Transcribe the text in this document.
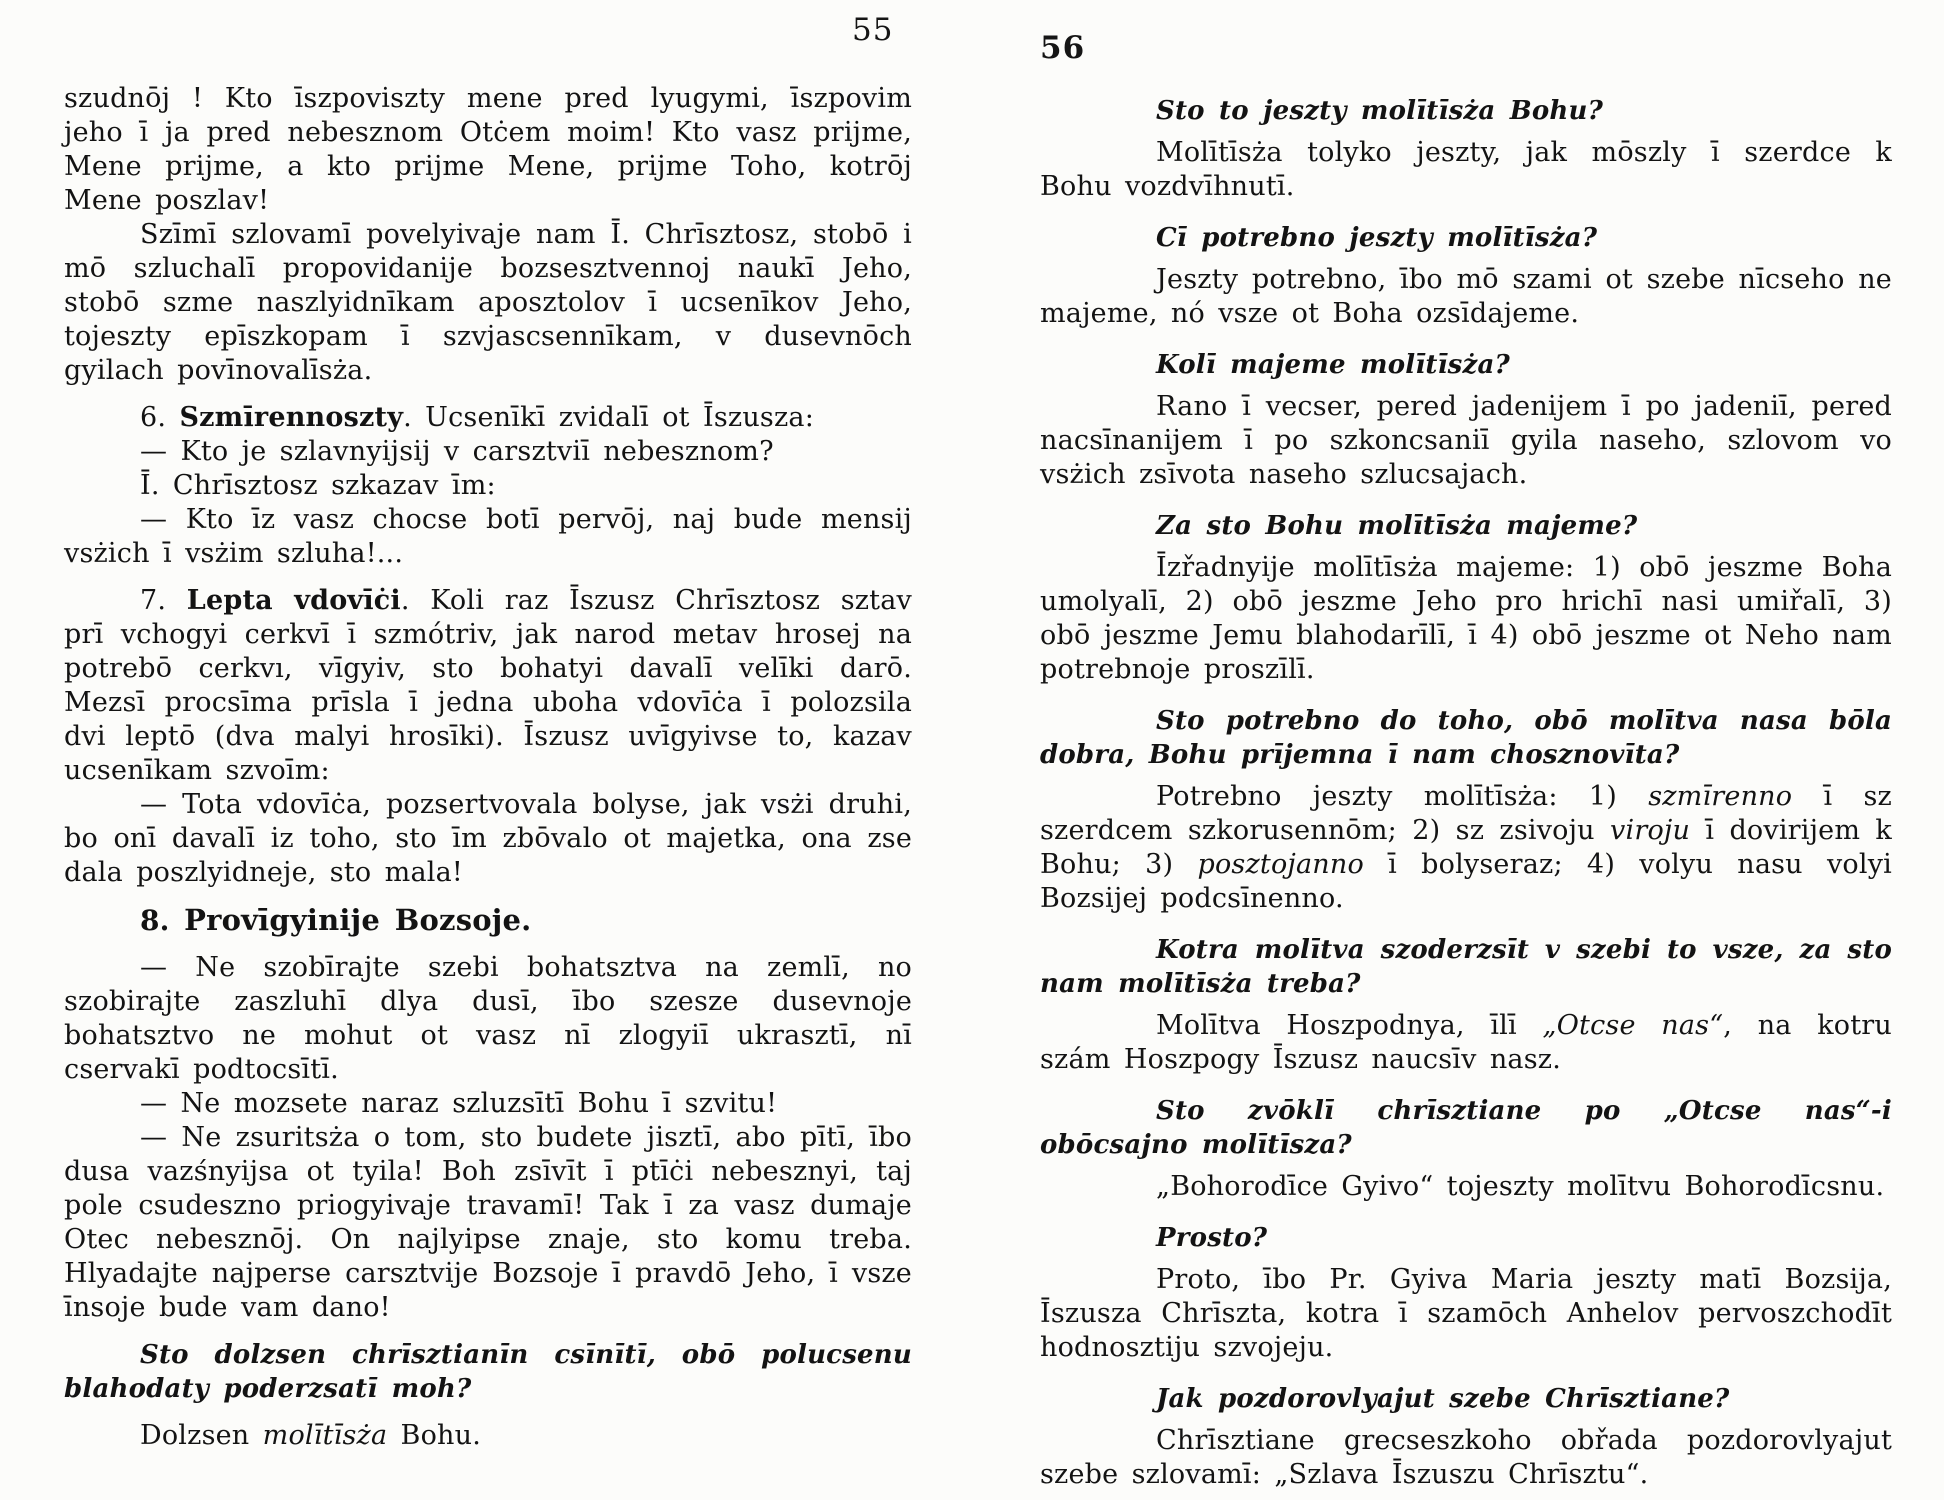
55	56

szudnōj ! Kto īszpoviszty mene pred lyugymi, īszpovim jeho ī ja pred nebesznom Otċem moim! Kto vasz prijme, Mene prijme, a kto prijme Mene, prijme Toho, kotrōj Mene poszlav!

Szīmī szlovamī povelyivaje nam Ī. Chrīsztosz, stobō i mō szluchalī propovidanije bozsesztvennoj naukī Jeho, stobō szme naszlyidnīkam aposztolov ī ucsenīkov Jeho, tojeszty epīszkopam ī szvjascsennīkam, v dusevnōch gyilach povīnovalīsża.

6. Szmīrennoszty. Ucsenīkī zvidalī ot Īszusza:

— Kto je szlavnyijsij v carsztviī nebesznom?

Ī. Chrīsztosz szkazav īm:

— Kto īz vasz chocse botī pervōj, naj bude mensij vsżich ī vsżim szluha!...

7. Lepta vdovīċi. Koli raz Īszusz Chrīsztosz sztav prī vchogyi cerkvī ī szmótriv, jak narod metav hrosej na potrebō cerkvı, vīgyiv, sto bohatyi davalī velīki darō. Mezsī procsīma prīsla ī jedna uboha vdovīċa ī polozsila dvi leptō (dva malyi hrosīki). Īszusz uvīgyivse to, kazav ucsenīkam szvoīm:

— Tota vdovīċa, pozsertvovala bolyse, jak vsżi druhi, bo onī davalī iz toho, sto īm zbōvalo ot majetka, ona zse dala poszlyidneje, sto mala!

8. Provīgyinije Bozsoje.

— Ne szobīrajte szebi bohatsztva na zemlī, no szobirajte zaszluhī dlya dusī, ībo szesze dusevnoje bohatsztvo ne mohut ot vasz nī zlogyiī ukrasztī, nī cservakī podtocsītī.

— Ne mozsete naraz szluzsītī Bohu ī szvitu!

— Ne zsuritsża o tom, sto budete jisztī, abo pītī, ībo dusa vazśnyijsa ot tyila! Boh zsīvīt ī ptīċi nebesznyi, taj pole csudeszno priogyivaje travamī! Tak ī za vasz dumaje Otec nebesznōj. On najlyipse znaje, sto komu treba. Hlyadajte najperse carsztvije Bozsoje ī pravdō Jeho, ī vsze īnsoje bude vam dano!

Sto dolzsen chrīsztianīn csīnītī, obō polucsenu blahodaty poderzsatī moh?

Dolzsen molītīsża Bohu.

Sto to jeszty molītīsża Bohu?

Molītīsża tolyko jeszty, jak mōszly ī szerdce k Bohu vozdvīhnutī.

Cī potrebno jeszty molītīsża?

Jeszty potrebno, ībo mō szami ot szebe nīcseho ne majeme, nó vsze ot Boha ozsīdajeme.

Kolī majeme molītīsża?

Rano ī vecser, pered jadenijem ī po jadeniī, pered nacsīnanijem ī po szkoncsaniī gyila naseho, szlovom vo vsżich zsīvota naseho szlucsajach.

Za sto Bohu molītīsża majeme?

Īzřadnyije molītīsża majeme: 1) obō jeszme Boha umolyalī, 2) obō jeszme Jeho pro hrichī nasi umiřalī, 3) obō jeszme Jemu blahodarīlī, ī 4) obō jeszme ot Neho nam potrebnoje proszīlī.

Sto potrebno do toho, obō molītva nasa bōla dobra, Bohu prījemna ī nam chosznovīta?

Potrebno jeszty molītīsża: 1) szmīrenno ī sz szerdcem szkorusennōm; 2) sz zsivoju viroju ī dovirijem k Bohu; 3) posztojanno ī bolyseraz; 4) volyu nasu volyi Bozsijej podcsīnenno.

Kotra molītva szoderzsīt v szebi to vsze, za sto nam molītīsża treba?

Molītva Hoszpodnya, īlī „Otcse nas“, na kotru szám Hoszpogy Īszusz naucsīv nasz.

Sto zvōklī chrīsztiane po „Otcse nas“-i obōcsajno molītīsza?

„Bohorodīce Gyivo“ tojeszty molītvu Bohorodīcsnu.

Prosto?

Proto, ībo Pr. Gyiva Maria jeszty matī Bozsija, Īszusza Chrīszta, kotra ī szamōch Anhelov pervoszchodīt hodnosztiju szvojeju.

Jak pozdorovlyajut szebe Chrīsztiane?

Chrīsztiane grecseszkoho obřada pozdorovlyajut szebe szlovamī: „Szlava Īszuszu Chrīsztu“.
